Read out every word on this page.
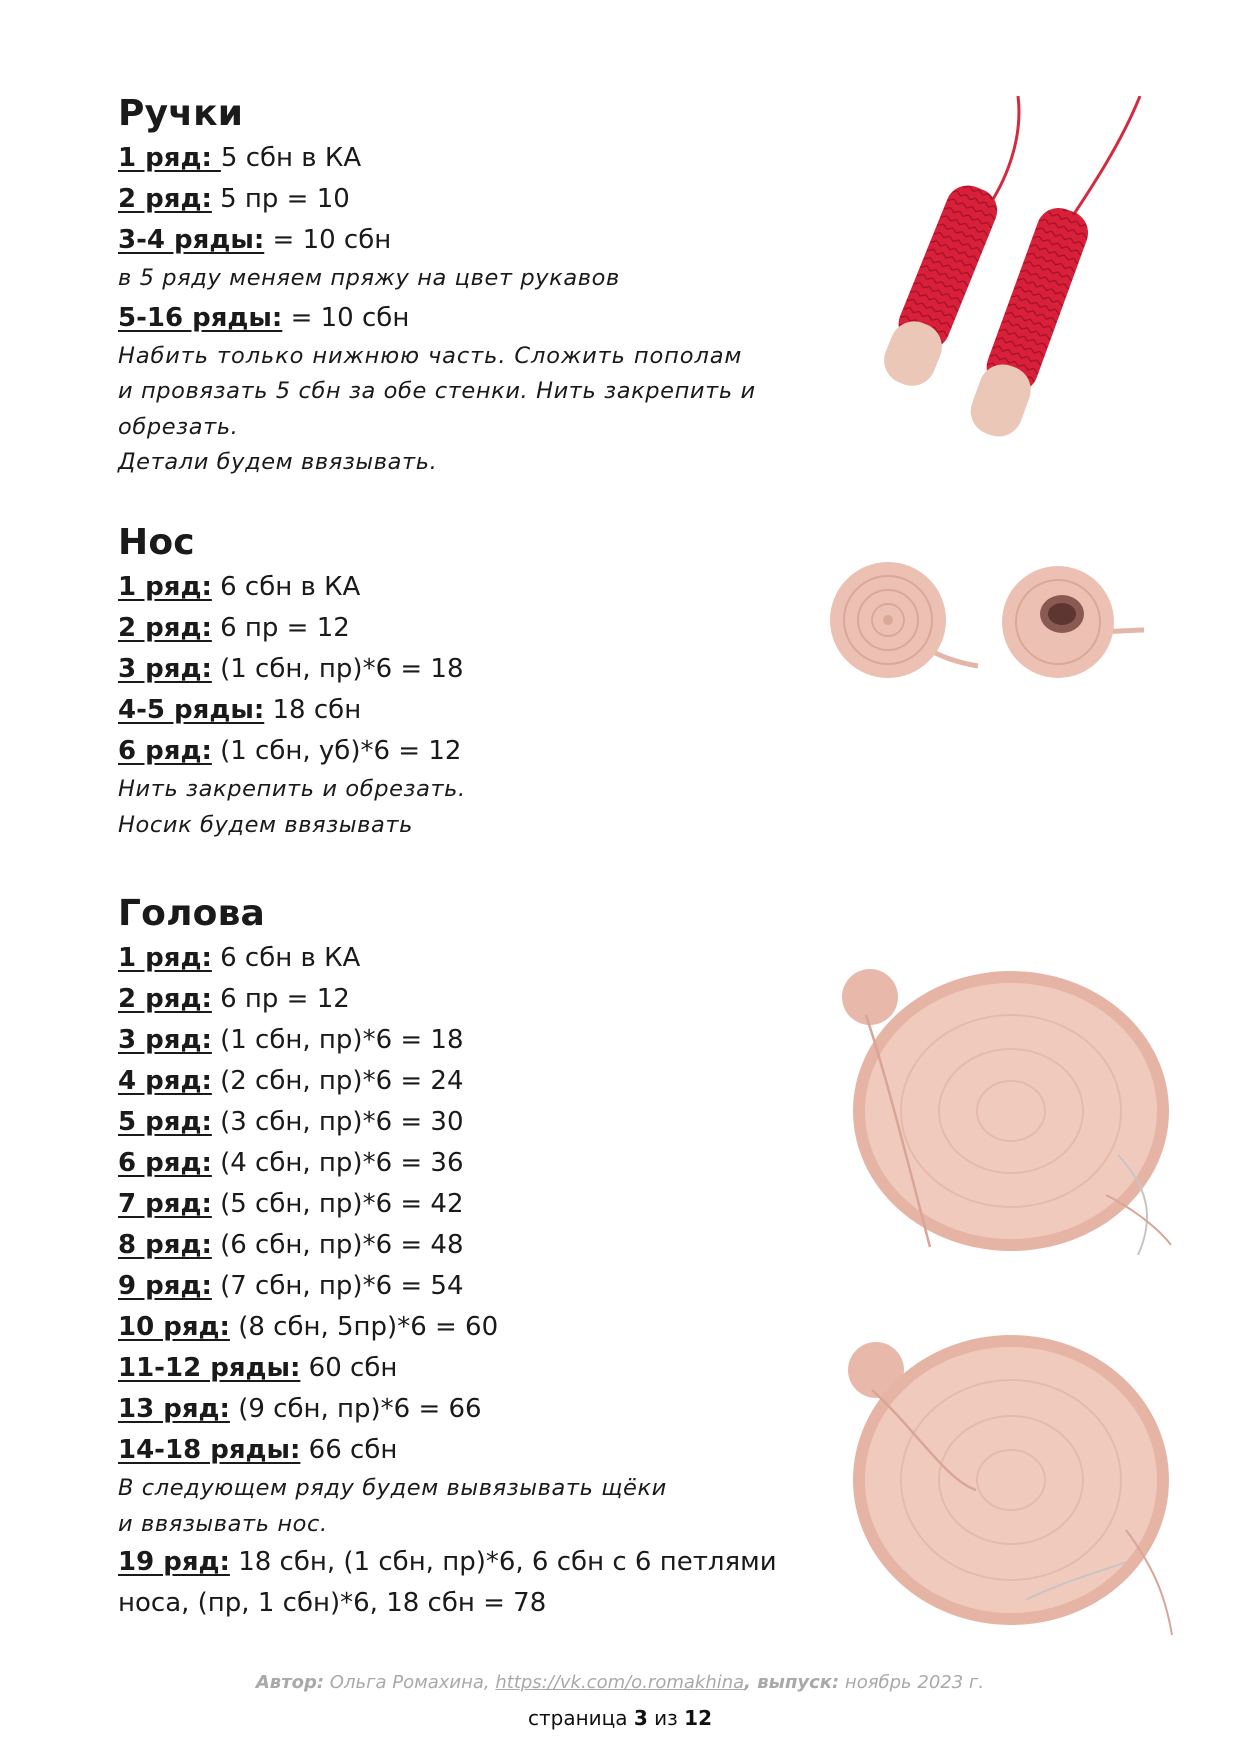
Ручки
1 ряд: 5 сбн в КА
2 ряд: 5 пр = 10
3-4 ряды: = 10 сбн
в 5 ряду меняем пряжу на цвет рукавов
5-16 ряды: = 10 сбн
Набить только нижнюю часть. Сложить пополам
и провязать 5 сбн за обе стенки. Нить закрепить и
обрезать.
Детали будем ввязывать.
Нос
1 ряд: 6 сбн в КА
2 ряд: 6 пр = 12
3 ряд: (1 сбн, пр)*6 = 18
4-5 ряды: 18 сбн
6 ряд: (1 сбн, уб)*6 = 12
Нить закрепить и обрезать.
Носик будем ввязывать
Голова
1 ряд: 6 сбн в КА
2 ряд: 6 пр = 12
3 ряд: (1 сбн, пр)*6 = 18
4 ряд: (2 сбн, пр)*6 = 24
5 ряд: (3 сбн, пр)*6 = 30
6 ряд: (4 сбн, пр)*6 = 36
7 ряд: (5 сбн, пр)*6 = 42
8 ряд: (6 сбн, пр)*6 = 48
9 ряд: (7 сбн, пр)*6 = 54
10 ряд: (8 сбн, 5пр)*6 = 60
11-12 ряды: 60 сбн
13 ряд: (9 сбн, пр)*6 = 66
14-18 ряды: 66 сбн
В следующем ряду будем вывязывать щёки
и ввязывать нос.
19 ряд: 18 сбн, (1 сбн, пр)*6, 6 сбн с 6 петлями
носа, (пр, 1 сбн)*6, 18 сбн = 78
Автор: Ольга Ромахина, https://vk.com/o.romakhina, выпуск: ноябрь 2023 г.
страница 3 из 12
